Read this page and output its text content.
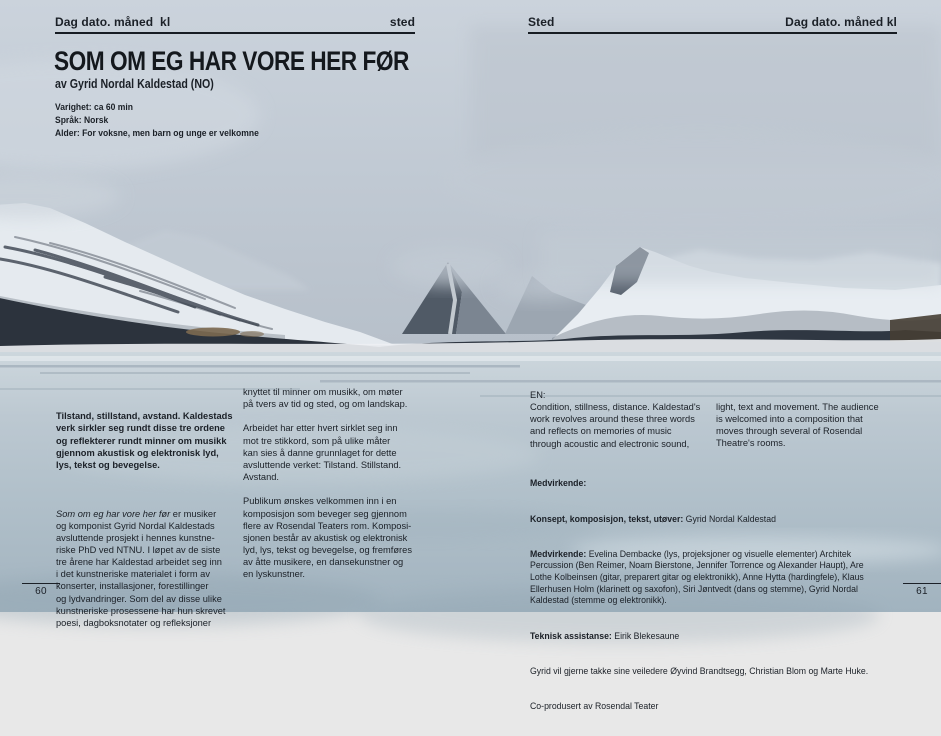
Dag dato. måned  kl	sted	Sted	Dag dato. måned kl
SOM OM EG HAR VORE HER FØR
av Gyrid Nordal Kaldestad (NO)
Varighet: ca 60 min
Språk: Norsk
Alder: For voksne, men barn og unge er velkomne

Tilstand, stillstand, avstand. Kaldestads
verk sirkler seg rundt disse tre ordene
og reflekterer rundt minner om musikk
gjennom akustisk og elektronisk lyd,
lys, tekst og bevegelse.

Som om eg har vore her før er musiker
og komponist Gyrid Nordal Kaldestads
avsluttende prosjekt i hennes kunstne-
riske PhD ved NTNU. I løpet av de siste
tre årene har Kaldestad arbeidet seg inn
i det kunstneriske materialet i form av
konserter, installasjoner, forestillinger
og lydvandringer. Som del av disse ulike
kunstneriske prosessene har hun skrevet
poesi, dagboksnotater og refleksjoner

knyttet til minner om musikk, om møter
på tvers av tid og sted, og om landskap.

Arbeidet har etter hvert sirklet seg inn
mot tre stikkord, som på ulike måter
kan sies å danne grunnlaget for dette
avsluttende verket: Tilstand. Stillstand.
Avstand.

Publikum ønskes velkommen inn i en
komposisjon som beveger seg gjennom
flere av Rosendal Teaters rom. Komposi-
sjonen består av akustisk og elektronisk
lyd, lys, tekst og bevegelse, og fremføres
av åtte musikere, en dansekunstner og
en lyskunstner.
EN:
Condition, stillness, distance. Kaldestad's
work revolves around these three words
and reflects on memories of music
through acoustic and electronic sound,
light, text and movement. The audience
is welcomed into a composition that
moves through several of Rosendal
Theatre's rooms.

Medvirkende:

Konsept, komposisjon, tekst, utøver: Gyrid Nordal Kaldestad

Medvirkende: Evelina Dembacke (lys, projeksjoner og visuelle elementer) Architek
Percussion (Ben Reimer, Noam Bierstone, Jennifer Torrence og Alexander Haupt), Are
Lothe Kolbeinsen (gitar, preparert gitar og elektronikk), Anne Hytta (hardingfele), Klaus
Ellerhusen Holm (klarinett og saxofon), Siri Jøntvedt (dans og stemme), Gyrid Nordal
Kaldestad (stemme og elektronikk).

Teknisk assistanse: Eirik Blekesaune

Gyrid vil gjerne takke sine veiledere Øyvind Brandtsegg, Christian Blom og Marte Huke.

Co-produsert av Rosendal Teater

60	61
